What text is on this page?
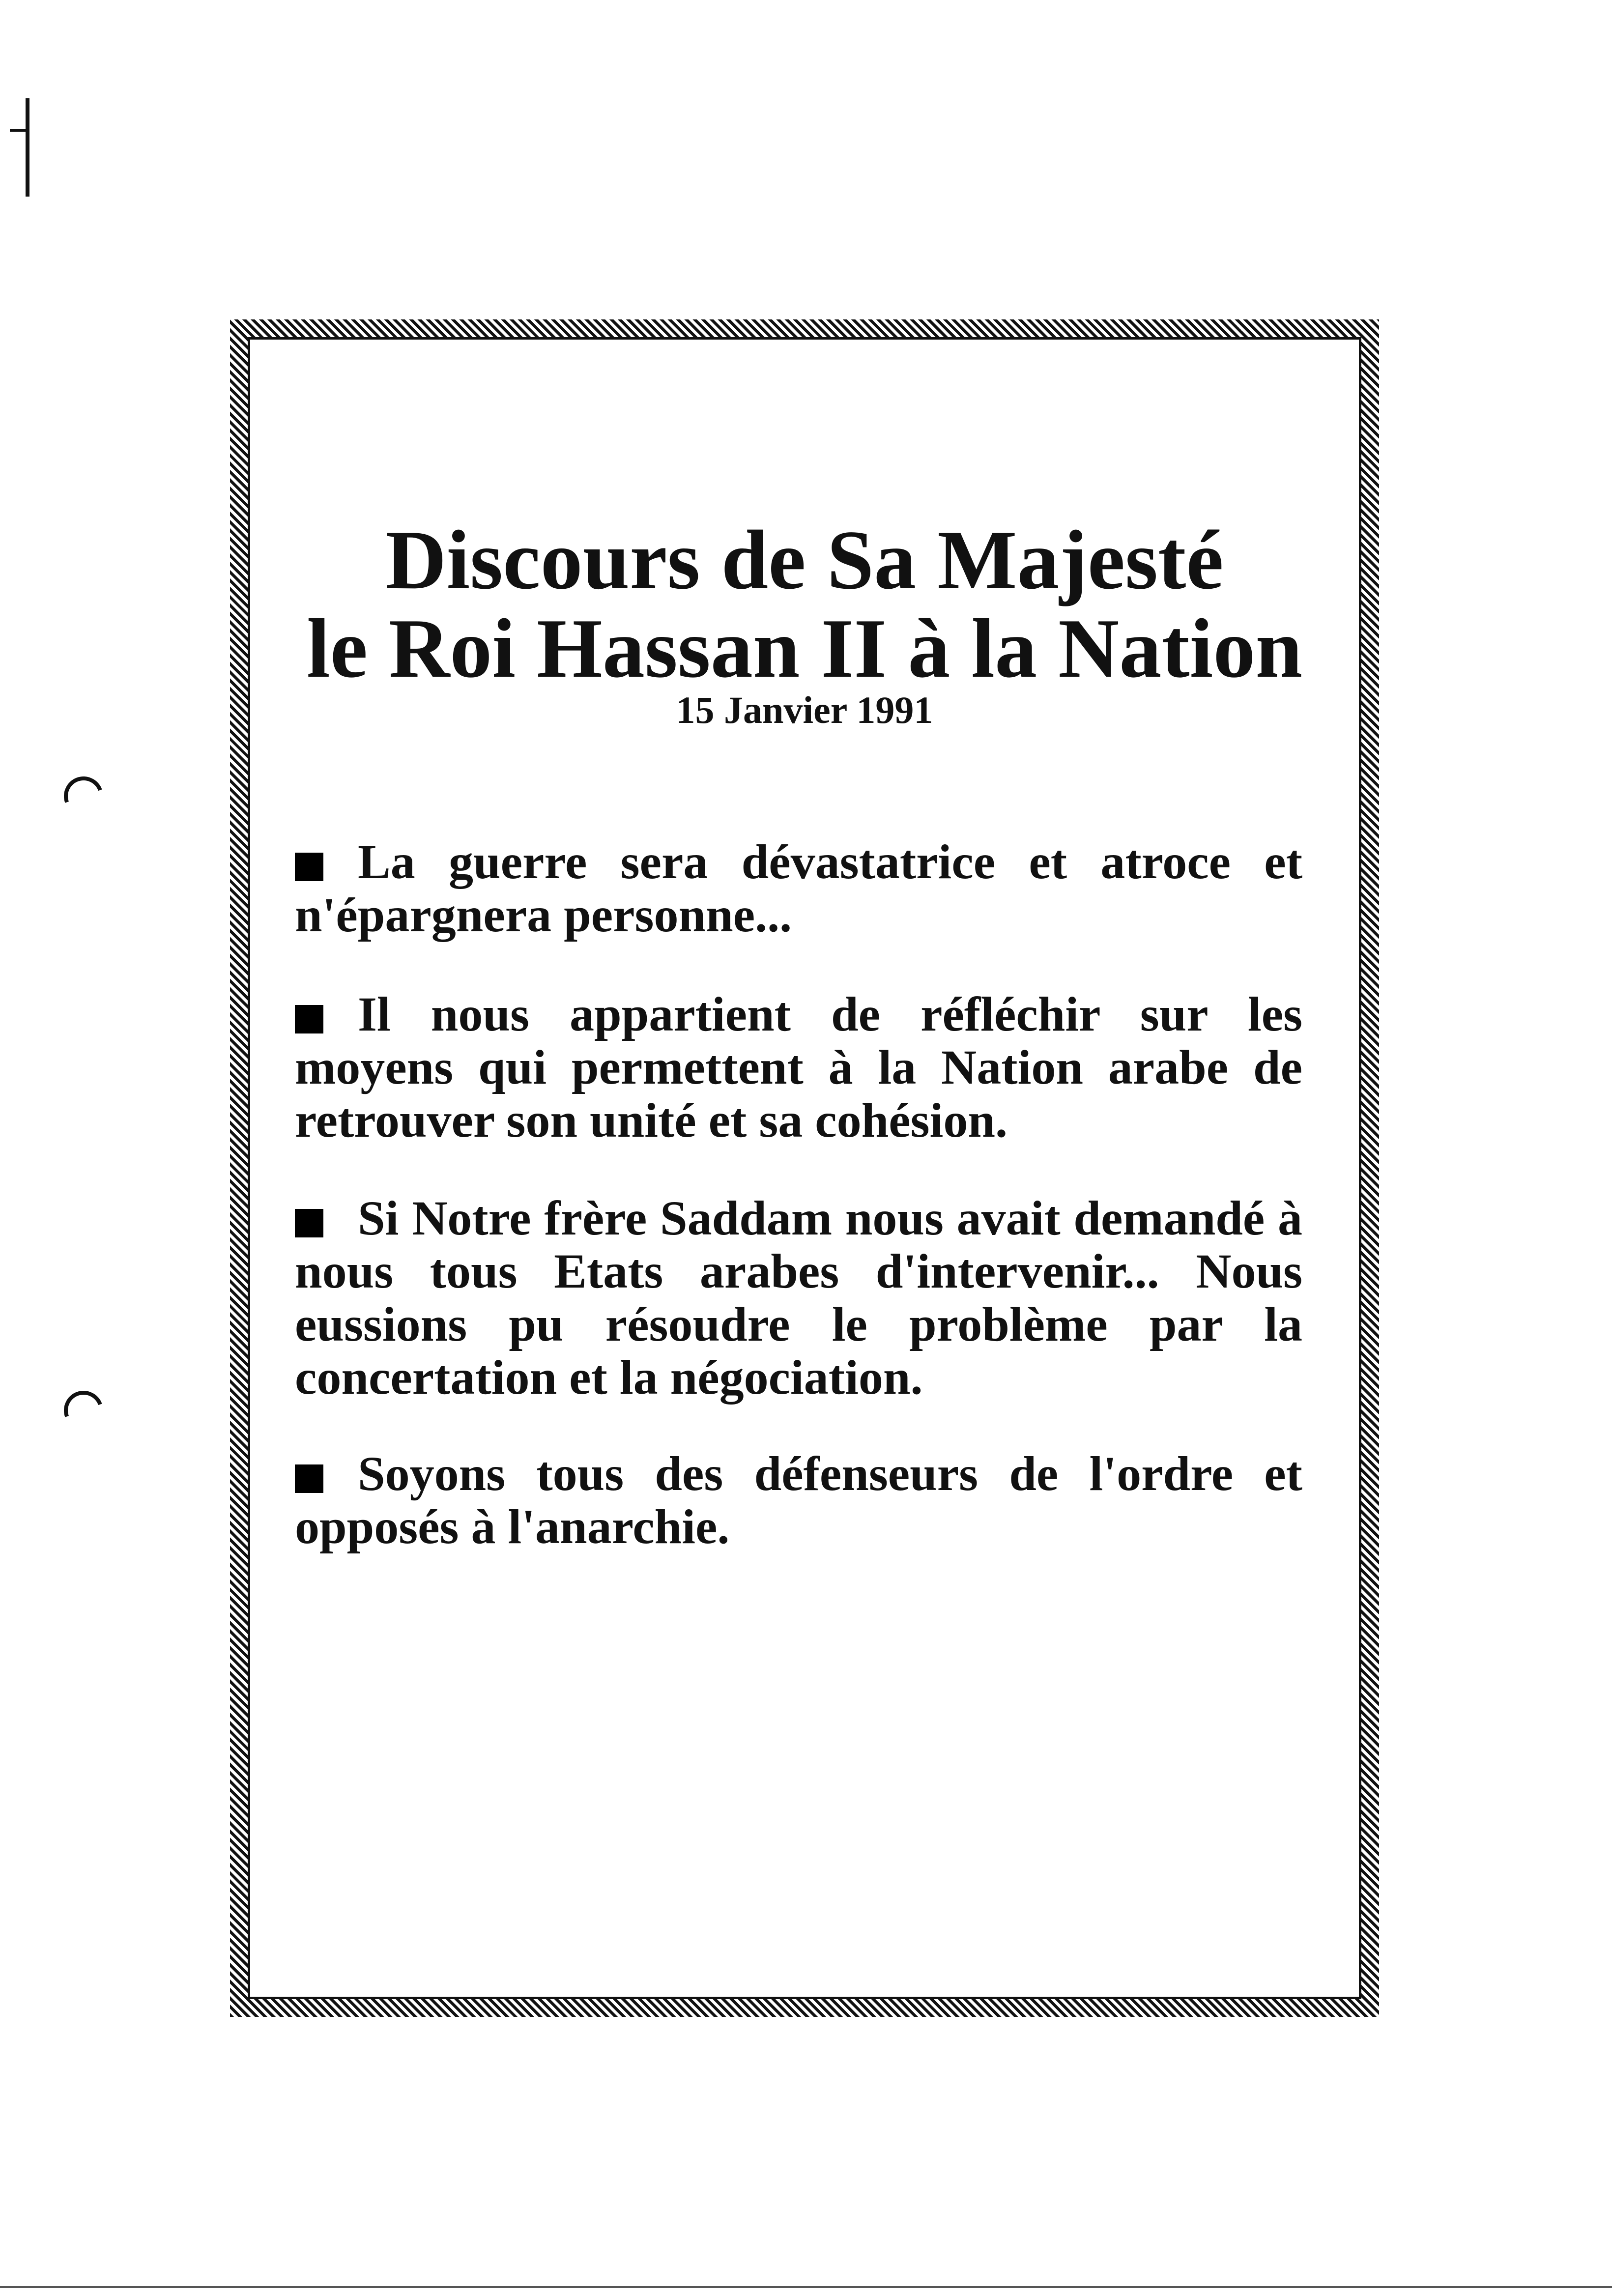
Discours de Sa Majesté
le Roi Hassan II à la Nation
15 Janvier 1991
La guerre sera dévastatrice et atroce et n'épargnera personne...
Il nous appartient de réfléchir sur les moyens qui permettent à la Nation arabe de retrouver son unité et sa cohésion.
Si Notre frère Saddam nous avait demandé à nous tous Etats arabes d'intervenir... Nous eussions pu résoudre le problème par la concertation et la négociation.
Soyons tous des défenseurs de l'ordre et opposés à l'anarchie.
